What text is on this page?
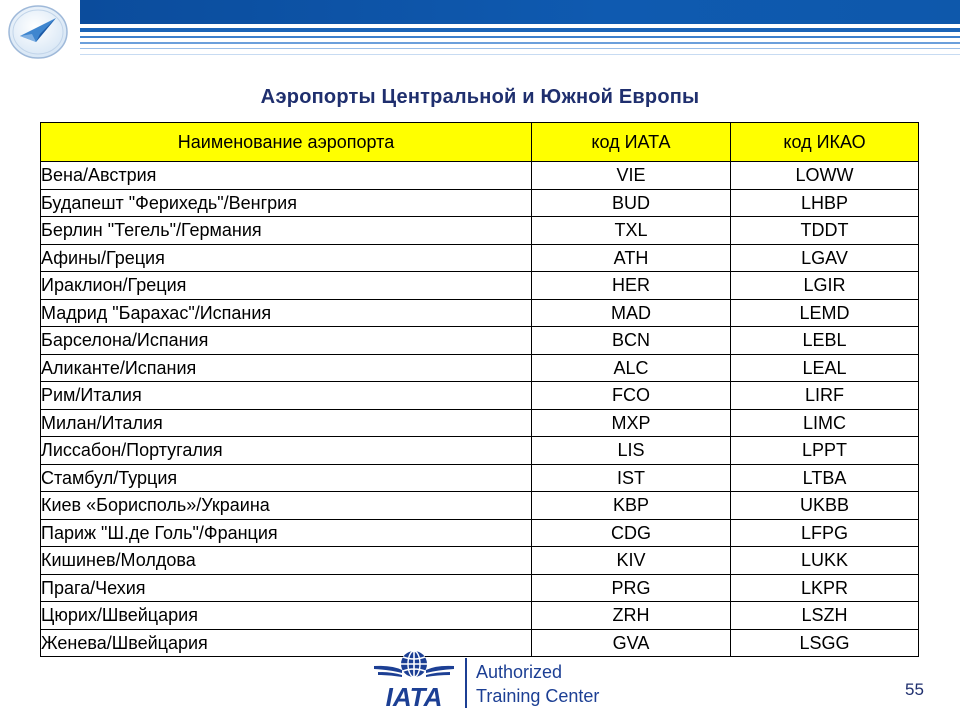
Аэропорты Центральной и Южной Европы
Наименование аэропорта	код ИАТА	код ИКАО
Вена/Австрия	VIE	LOWW
Будапешт "Ферихедь"/Венгрия	BUD	LHBP
Берлин "Тегель"/Германия	TXL	TDDT
Афины/Греция	ATH	LGAV
Ираклион/Греция	HER	LGIR
Мадрид "Барахас"/Испания	MAD	LEMD
Барселона/Испания	BCN	LEBL
Аликанте/Испания	ALC	LEAL
Рим/Италия	FCO	LIRF
Милан/Италия	MXP	LIMC
Лиссабон/Португалия	LIS	LPPT
Стамбул/Турция	IST	LTBA
Киев «Борисполь»/Украина	KBP	UKBB
Париж "Ш.де Голь"/Франция	CDG	LFPG
Кишинев/Молдова	KIV	LUKK
Прага/Чехия	PRG	LKPR
Цюрих/Швейцария	ZRH	LSZH
Женева/Швейцария	GVA	LSGG
IATA
Authorized
Training Center	55
